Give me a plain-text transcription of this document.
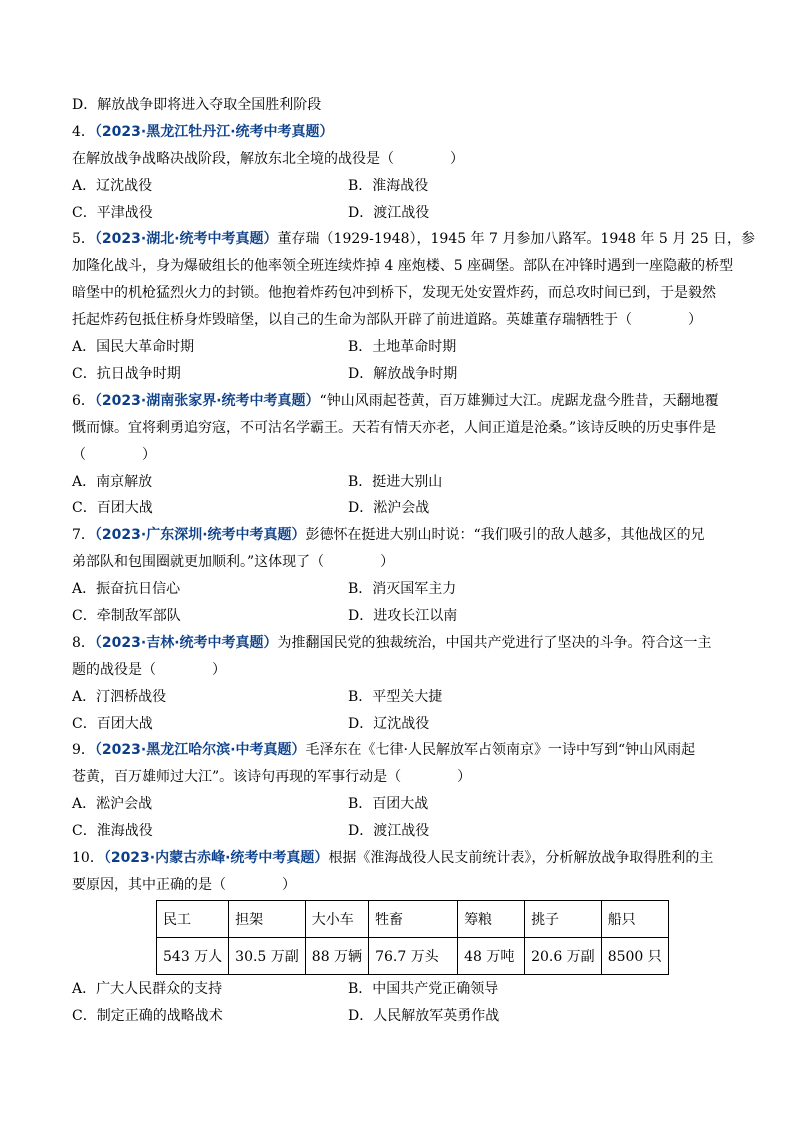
D．解放战争即将进入夺取全国胜利阶段
4．（2023·黑龙江牡丹江·统考中考真题）在解放战争战略决战阶段，解放东北全境的战役是（　　　　）
A．辽沈战役	B．淮海战役
C．平津战役	D．渡江战役
5．（2023·湖北·统考中考真题）董存瑞（1929-1948），1945 年 7 月参加八路军。1948 年 5 月 25 日，参
加隆化战斗，身为爆破组长的他率领全班连续炸掉 4 座炮楼、5 座碉堡。部队在冲锋时遇到一座隐蔽的桥型
暗堡中的机枪猛烈火力的封锁。他抱着炸药包冲到桥下，发现无处安置炸药，而总攻时间已到，于是毅然
托起炸药包抵住桥身炸毁暗堡，以自己的生命为部队开辟了前进道路。英雄董存瑞牺牲于（　　　　）
A．国民大革命时期	B．土地革命时期
C．抗日战争时期	D．解放战争时期
6．（2023·湖南张家界·统考中考真题）“钟山风雨起苍黄，百万雄狮过大江。虎踞龙盘今胜昔，天翻地覆
慨而慷。宜将剩勇追穷寇，不可沽名学霸王。天若有情天亦老，人间正道是沧桑。”该诗反映的历史事件是
（　　　　）
A．南京解放	B．挺进大别山
C．百团大战	D．淞沪会战
7．（2023·广东深圳·统考中考真题）彭德怀在挺进大别山时说：“我们吸引的敌人越多，其他战区的兄
弟部队和包围圈就更加顺利。”这体现了（　　　　）
A．振奋抗日信心	B．消灭国军主力
C．牵制敌军部队	D．进攻长江以南
8．（2023·吉林·统考中考真题）为推翻国民党的独裁统治，中国共产党进行了坚决的斗争。符合这一主
题的战役是（　　　　）
A．汀泗桥战役	B．平型关大捷
C．百团大战	D．辽沈战役
9．（2023·黑龙江哈尔滨·中考真题）毛泽东在《七律·人民解放军占领南京》一诗中写到“钟山风雨起
苍黄，百万雄师过大江”。该诗句再现的军事行动是（　　　　）
A．淞沪会战	B．百团大战
C．淮海战役	D．渡江战役
10．（2023·内蒙古赤峰·统考中考真题）根据《淮海战役人民支前统计表》，分析解放战争取得胜利的主
要原因，其中正确的是（　　　　）
民工	担架	大小车	牲畜	筹粮	挑子	船只
543 万人	30.5 万副	88 万辆	76.7 万头	48 万吨	20.6 万副	8500 只
A．广大人民群众的支持	B．中国共产党正确领导
C．制定正确的战略战术	D．人民解放军英勇作战
